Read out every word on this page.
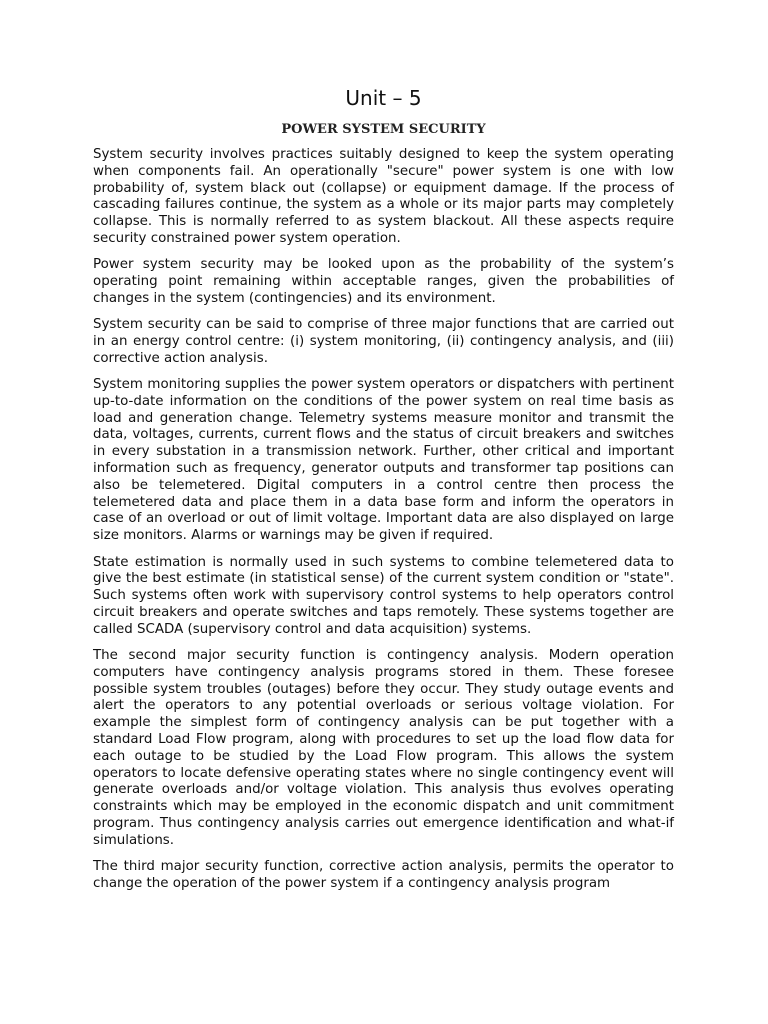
Unit – 5
POWER SYSTEM SECURITY

System security involves practices suitably designed to keep the system operating when components fail. An operationally "secure" power system is one with low probability of, system black out (collapse) or equipment damage. If the process of cascading failures continue, the system as a whole or its major parts may completely collapse. This is normally referred to as system blackout. All these aspects require security constrained power system operation.

Power system security may be looked upon as the probability of the system’s operating point remaining within acceptable ranges, given the probabilities of changes in the system (contingencies) and its environment.

System security can be said to comprise of three major functions that are carried out in an energy control centre: (i) system monitoring, (ii) contingency analysis, and (iii) corrective action analysis.

System monitoring supplies the power system operators or dispatchers with pertinent up-to-date information on the conditions of the power system on real time basis as load and generation change. Telemetry systems measure monitor and transmit the data, voltages, currents, current flows and the status of circuit breakers and switches in every substation in a transmission network. Further, other critical and important information such as frequency, generator outputs and transformer tap positions can also be telemetered. Digital computers in a control centre then process the telemetered data and place them in a data base form and inform the operators in case of an overload or out of limit voltage. Important data are also displayed on large size monitors. Alarms or warnings may be given if required.

State estimation is normally used in such systems to combine telemetered data to give the best estimate (in statistical sense) of the current system condition or "state". Such systems often work with supervisory control systems to help operators control circuit breakers and operate switches and taps remotely. These systems together are called SCADA (supervisory control and data acquisition) systems.

The second major security function is contingency analysis. Modern operation computers have contingency analysis programs stored in them. These foresee possible system troubles (outages) before they occur. They study outage events and alert the operators to any potential overloads or serious voltage violation. For example the simplest form of contingency analysis can be put together with a standard Load Flow program, along with procedures to set up the load flow data for each outage to be studied by the Load Flow program. This allows the system operators to locate defensive operating states where no single contingency event will generate overloads and/or voltage violation. This analysis thus evolves operating constraints which may be employed in the economic dispatch and unit commitment program. Thus contingency analysis carries out emergence identification and what-if simulations.

The third major security function, corrective action analysis, permits the operator to change the operation of the power system if a contingency analysis program
